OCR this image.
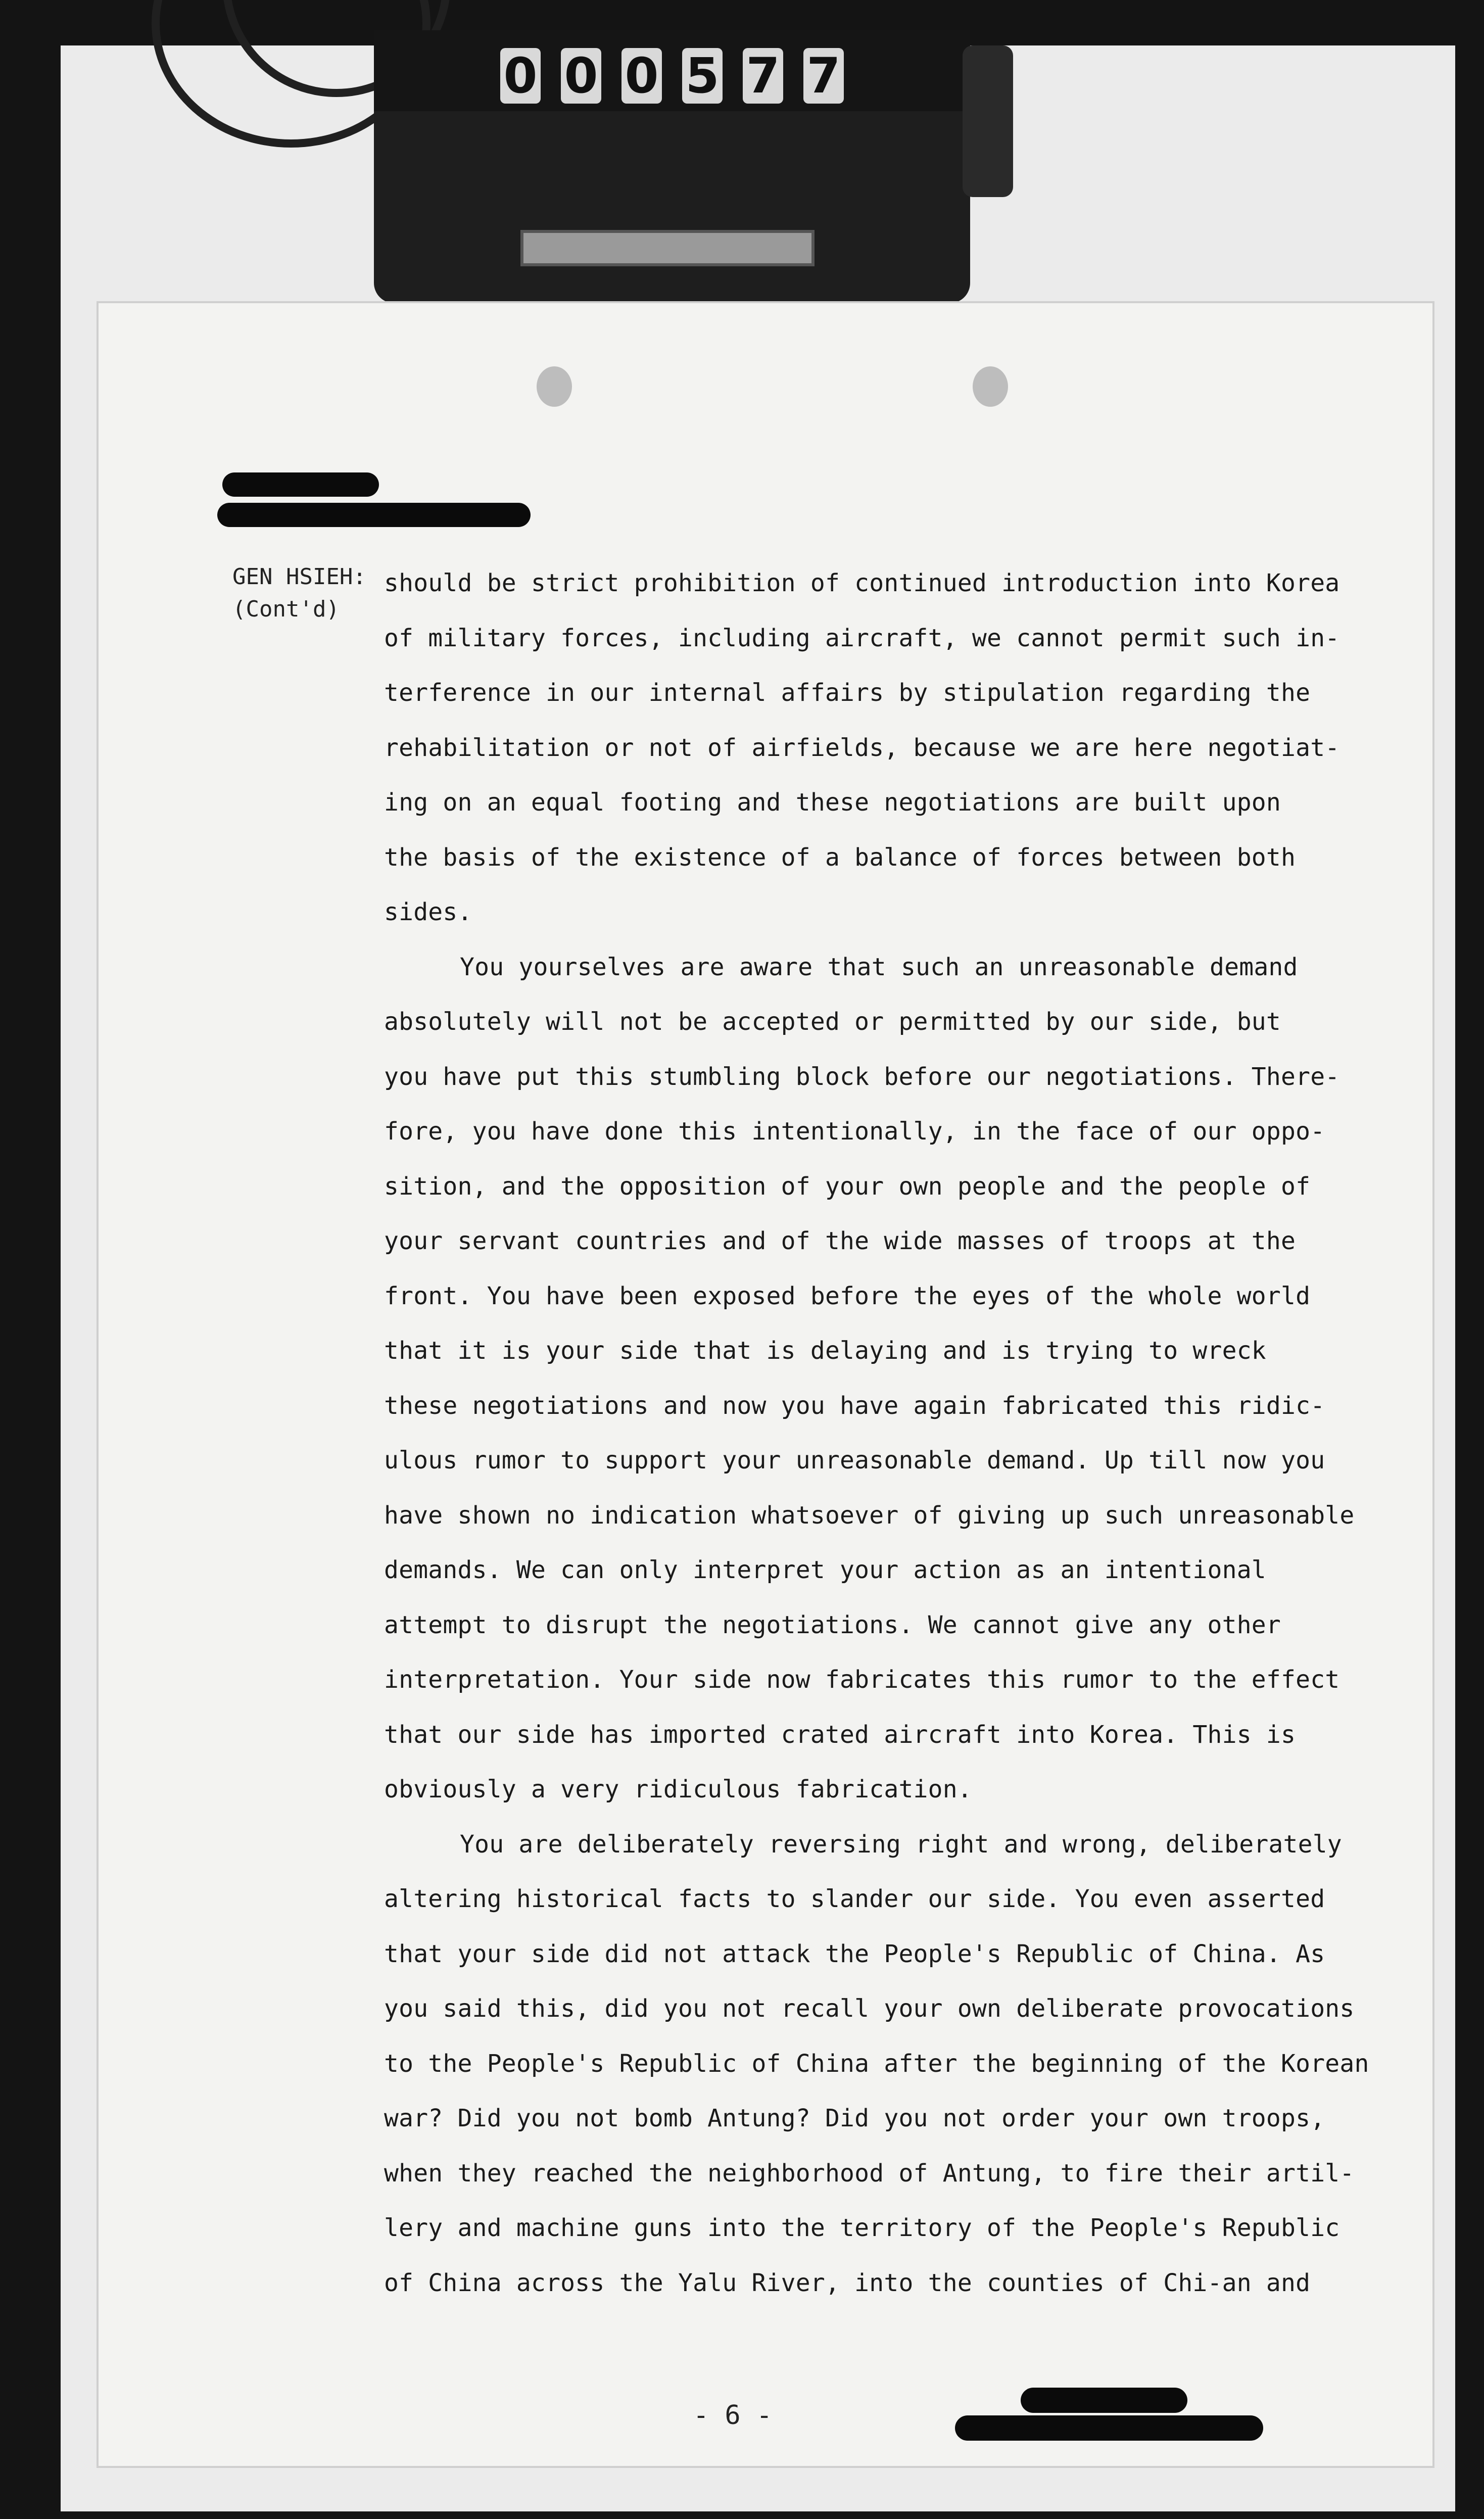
0 0 0 5 7 7
GEN HSIEH:
(Cont'd)

should be strict prohibition of continued introduction into Korea
of military forces, including aircraft, we cannot permit such in-
terference in our internal affairs by stipulation regarding the
rehabilitation or not of airfields, because we are here negotiat-
ing on an equal footing and these negotiations are built upon
the basis of the existence of a balance of forces between both
sides.

You yourselves are aware that such an unreasonable demand
absolutely will not be accepted or permitted by our side, but
you have put this stumbling block before our negotiations. There-
fore, you have done this intentionally, in the face of our oppo-
sition, and the opposition of your own people and the people of
your servant countries and of the wide masses of troops at the
front. You have been exposed before the eyes of the whole world
that it is your side that is delaying and is trying to wreck
these negotiations and now you have again fabricated this ridic-
ulous rumor to support your unreasonable demand. Up till now you
have shown no indication whatsoever of giving up such unreasonable
demands. We can only interpret your action as an intentional
attempt to disrupt the negotiations. We cannot give any other
interpretation. Your side now fabricates this rumor to the effect
that our side has imported crated aircraft into Korea. This is
obviously a very ridiculous fabrication.

You are deliberately reversing right and wrong, deliberately
altering historical facts to slander our side. You even asserted
that your side did not attack the People's Republic of China. As
you said this, did you not recall your own deliberate provocations
to the People's Republic of China after the beginning of the Korean
war? Did you not bomb Antung? Did you not order your own troops,
when they reached the neighborhood of Antung, to fire their artil-
lery and machine guns into the territory of the People's Republic
of China across the Yalu River, into the counties of Chi-an and

- 6 -
